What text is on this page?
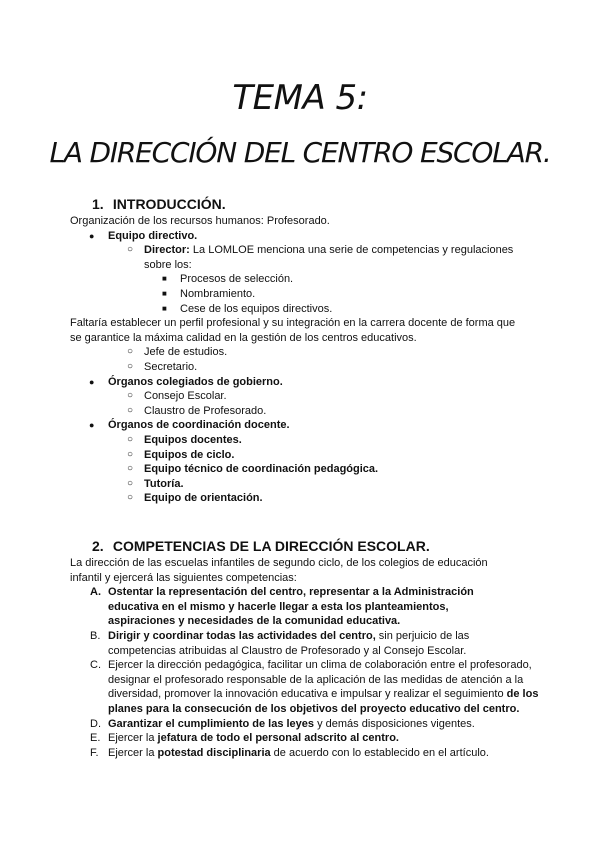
TEMA 5:
LA DIRECCIÓN DEL CENTRO ESCOLAR.
1. INTRODUCCIÓN.
Organización de los recursos humanos: Profesorado.
● Equipo directivo.
○ Director: La LOMLOE menciona una serie de competencias y regulaciones
sobre los:
■ Procesos de selección.
■ Nombramiento.
■ Cese de los equipos directivos.
Faltaría establecer un perfil profesional y su integración en la carrera docente de forma que
se garantice la máxima calidad en la gestión de los centros educativos.
○ Jefe de estudios.
○ Secretario.
● Órganos colegiados de gobierno.
○ Consejo Escolar.
○ Claustro de Profesorado.
● Órganos de coordinación docente.
○ Equipos docentes.
○ Equipos de ciclo.
○ Equipo técnico de coordinación pedagógica.
○ Tutoría.
○ Equipo de orientación.
2. COMPETENCIAS DE LA DIRECCIÓN ESCOLAR.
La dirección de las escuelas infantiles de segundo ciclo, de los colegios de educación
infantil y ejercerá las siguientes competencias:
A. Ostentar la representación del centro, representar a la Administración educativa en el mismo y hacerle llegar a esta los planteamientos, aspiraciones y necesidades de la comunidad educativa.
B. Dirigir y coordinar todas las actividades del centro, sin perjuicio de las competencias atribuidas al Claustro de Profesorado y al Consejo Escolar.
C. Ejercer la dirección pedagógica, facilitar un clima de colaboración entre el profesorado, designar el profesorado responsable de la aplicación de las medidas de atención a la diversidad, promover la innovación educativa e impulsar y realizar el seguimiento de los planes para la consecución de los objetivos del proyecto educativo del centro.
D. Garantizar el cumplimiento de las leyes y demás disposiciones vigentes.
E. Ejercer la jefatura de todo el personal adscrito al centro.
F. Ejercer la potestad disciplinaria de acuerdo con lo establecido en el artículo.
